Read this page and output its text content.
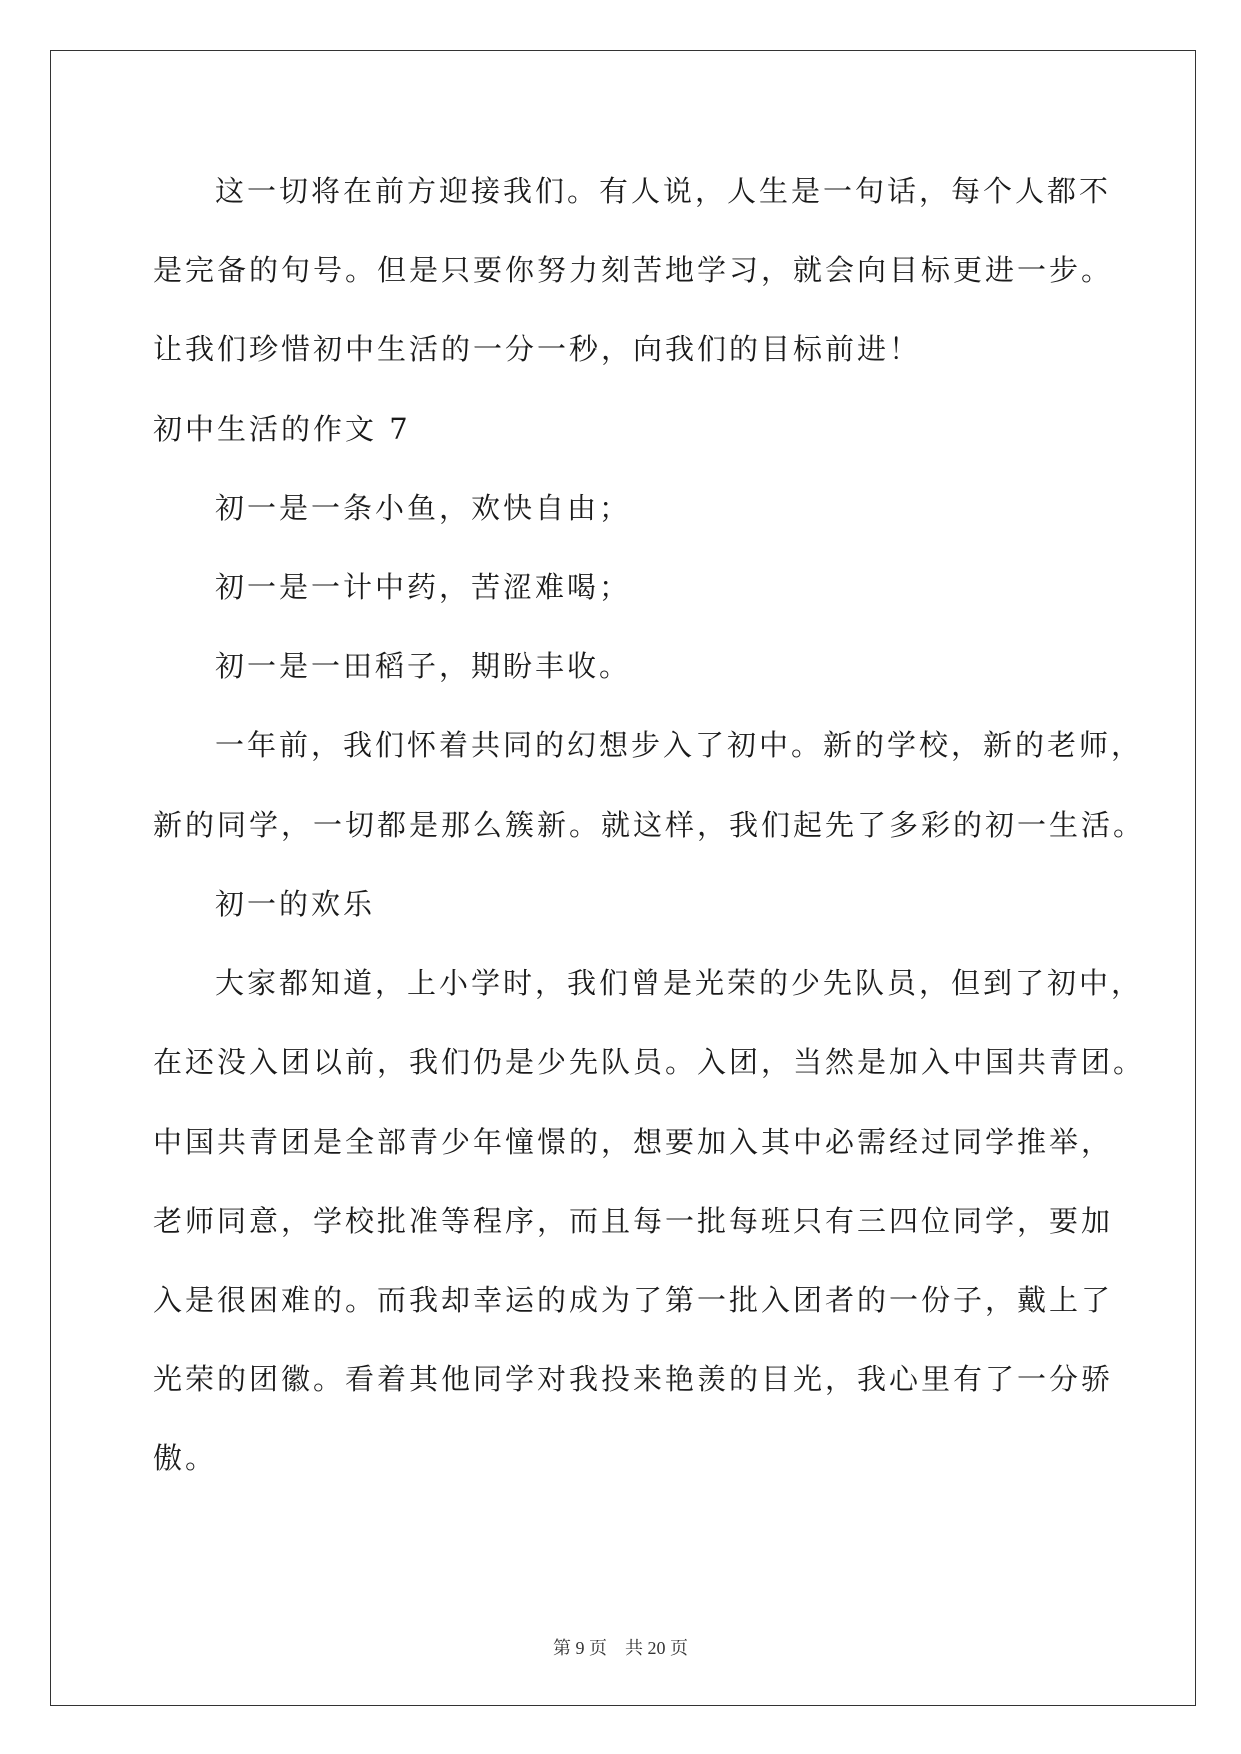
这一切将在前方迎接我们。有人说，人生是一句话，每个人都不
是完备的句号。但是只要你努力刻苦地学习，就会向目标更进一步。
让我们珍惜初中生活的一分一秒，向我们的目标前进！
初中生活的作文 7
初一是一条小鱼，欢快自由；
初一是一计中药，苦涩难喝；
初一是一田稻子，期盼丰收。
一年前，我们怀着共同的幻想步入了初中。新的学校，新的老师，
新的同学，一切都是那么簇新。就这样，我们起先了多彩的初一生活。
初一的欢乐
大家都知道，上小学时，我们曾是光荣的少先队员，但到了初中，
在还没入团以前，我们仍是少先队员。入团，当然是加入中国共青团。
中国共青团是全部青少年憧憬的，想要加入其中必需经过同学推举，
老师同意，学校批准等程序，而且每一批每班只有三四位同学，要加
入是很困难的。而我却幸运的成为了第一批入团者的一份子，戴上了
光荣的团徽。看着其他同学对我投来艳羡的目光，我心里有了一分骄
傲。
第 9 页 共 20 页
